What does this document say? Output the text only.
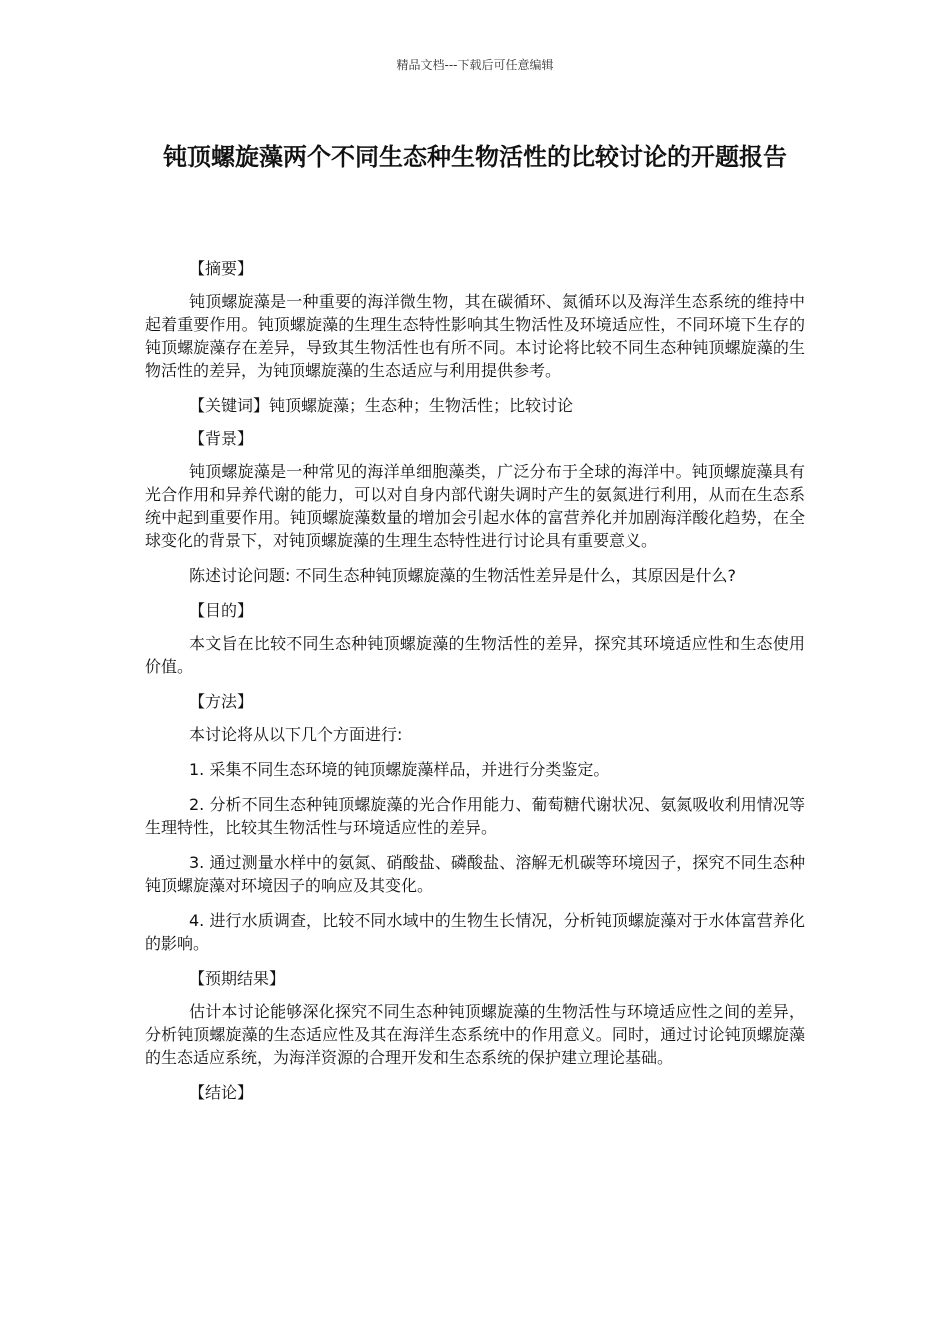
精品文档---下载后可任意编辑
钝顶螺旋藻两个不同生态种生物活性的比较讨论的开题报告

【摘要】

钝顶螺旋藻是一种重要的海洋微生物，其在碳循环、氮循环以及海洋生态系统的维持中起着重要作用。钝顶螺旋藻的生理生态特性影响其生物活性及环境适应性，不同环境下生存的钝顶螺旋藻存在差异，导致其生物活性也有所不同。本讨论将比较不同生态种钝顶螺旋藻的生物活性的差异，为钝顶螺旋藻的生态适应与利用提供参考。

【关键词】钝顶螺旋藻；生态种；生物活性；比较讨论

【背景】

钝顶螺旋藻是一种常见的海洋单细胞藻类，广泛分布于全球的海洋中。钝顶螺旋藻具有光合作用和异养代谢的能力，可以对自身内部代谢失调时产生的氨氮进行利用，从而在生态系统中起到重要作用。钝顶螺旋藻数量的增加会引起水体的富营养化并加剧海洋酸化趋势，在全球变化的背景下，对钝顶螺旋藻的生理生态特性进行讨论具有重要意义。

陈述讨论问题: 不同生态种钝顶螺旋藻的生物活性差异是什么，其原因是什么?

【目的】

本文旨在比较不同生态种钝顶螺旋藻的生物活性的差异，探究其环境适应性和生态使用价值。

【方法】

本讨论将从以下几个方面进行:

1. 采集不同生态环境的钝顶螺旋藻样品，并进行分类鉴定。

2. 分析不同生态种钝顶螺旋藻的光合作用能力、葡萄糖代谢状况、氨氮吸收利用情况等生理特性，比较其生物活性与环境适应性的差异。

3. 通过测量水样中的氨氮、硝酸盐、磷酸盐、溶解无机碳等环境因子，探究不同生态种钝顶螺旋藻对环境因子的响应及其变化。

4. 进行水质调查，比较不同水域中的生物生长情况，分析钝顶螺旋藻对于水体富营养化的影响。

【预期结果】

估计本讨论能够深化探究不同生态种钝顶螺旋藻的生物活性与环境适应性之间的差异，分析钝顶螺旋藻的生态适应性及其在海洋生态系统中的作用意义。同时，通过讨论钝顶螺旋藻的生态适应系统，为海洋资源的合理开发和生态系统的保护建立理论基础。

【结论】
